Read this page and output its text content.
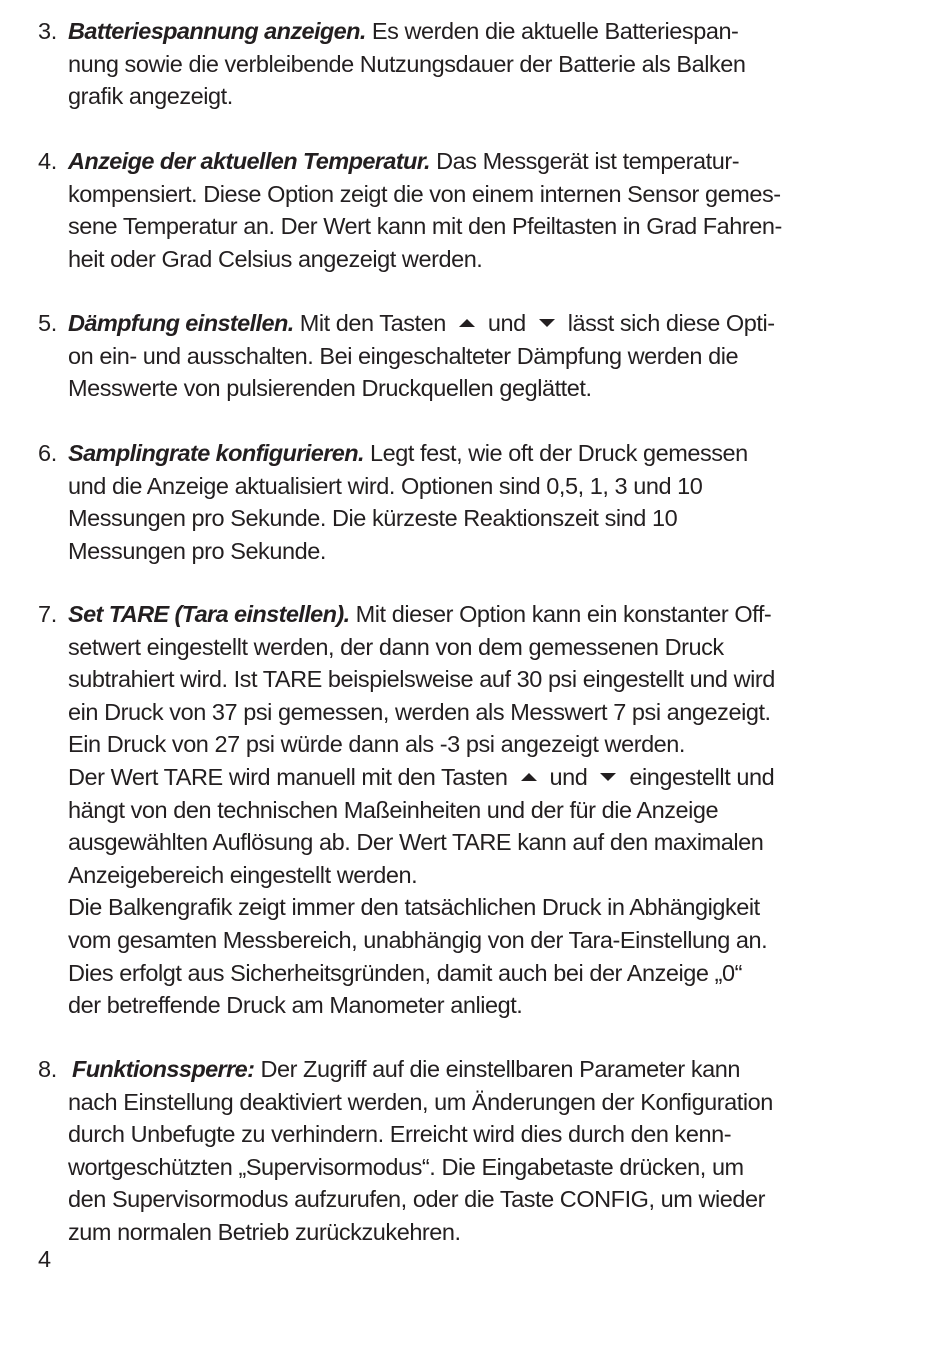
3. Batteriespannung anzeigen. Es werden die aktuelle Batteriespan-
nung sowie die verbleibende Nutzungsdauer der Batterie als Balken
grafik angezeigt.
4. Anzeige der aktuellen Temperatur. Das Messgerät ist temperatur-
kompensiert. Diese Option zeigt die von einem internen Sensor gemes-
sene Temperatur an. Der Wert kann mit den Pfeiltasten in Grad Fahren-
heit oder Grad Celsius angezeigt werden.
5. Dämpfung einstellen. Mit den Tasten und lässt sich diese Opti-
on ein- und ausschalten. Bei eingeschalteter Dämpfung werden die
Messwerte von pulsierenden Druckquellen geglättet.
6. Samplingrate konfigurieren. Legt fest, wie oft der Druck gemessen
und die Anzeige aktualisiert wird. Optionen sind 0,5, 1, 3 und 10
Messungen pro Sekunde. Die kürzeste Reaktionszeit sind 10
Messungen pro Sekunde.
7. Set TARE (Tara einstellen). Mit dieser Option kann ein konstanter Off-
setwert eingestellt werden, der dann von dem gemessenen Druck
subtrahiert wird. Ist TARE beispielsweise auf 30 psi eingestellt und wird
ein Druck von 37 psi gemessen, werden als Messwert 7 psi angezeigt.
Ein Druck von 27 psi würde dann als -3 psi angezeigt werden.
Der Wert TARE wird manuell mit den Tasten und eingestellt und
hängt von den technischen Maßeinheiten und der für die Anzeige
ausgewählten Auflösung ab. Der Wert TARE kann auf den maximalen
Anzeigebereich eingestellt werden.
Die Balkengrafik zeigt immer den tatsächlichen Druck in Abhängigkeit
vom gesamten Messbereich, unabhängig von der Tara-Einstellung an.
Dies erfolgt aus Sicherheitsgründen, damit auch bei der Anzeige „0“
der betreffende Druck am Manometer anliegt.
8. Funktionssperre: Der Zugriff auf die einstellbaren Parameter kann
nach Einstellung deaktiviert werden, um Änderungen der Konfiguration
durch Unbefugte zu verhindern. Erreicht wird dies durch den kenn-
wortgeschützten „Supervisormodus“. Die Eingabetaste drücken, um
den Supervisormodus aufzurufen, oder die Taste CONFIG, um wieder
zum normalen Betrieb zurückzukehren.
4
